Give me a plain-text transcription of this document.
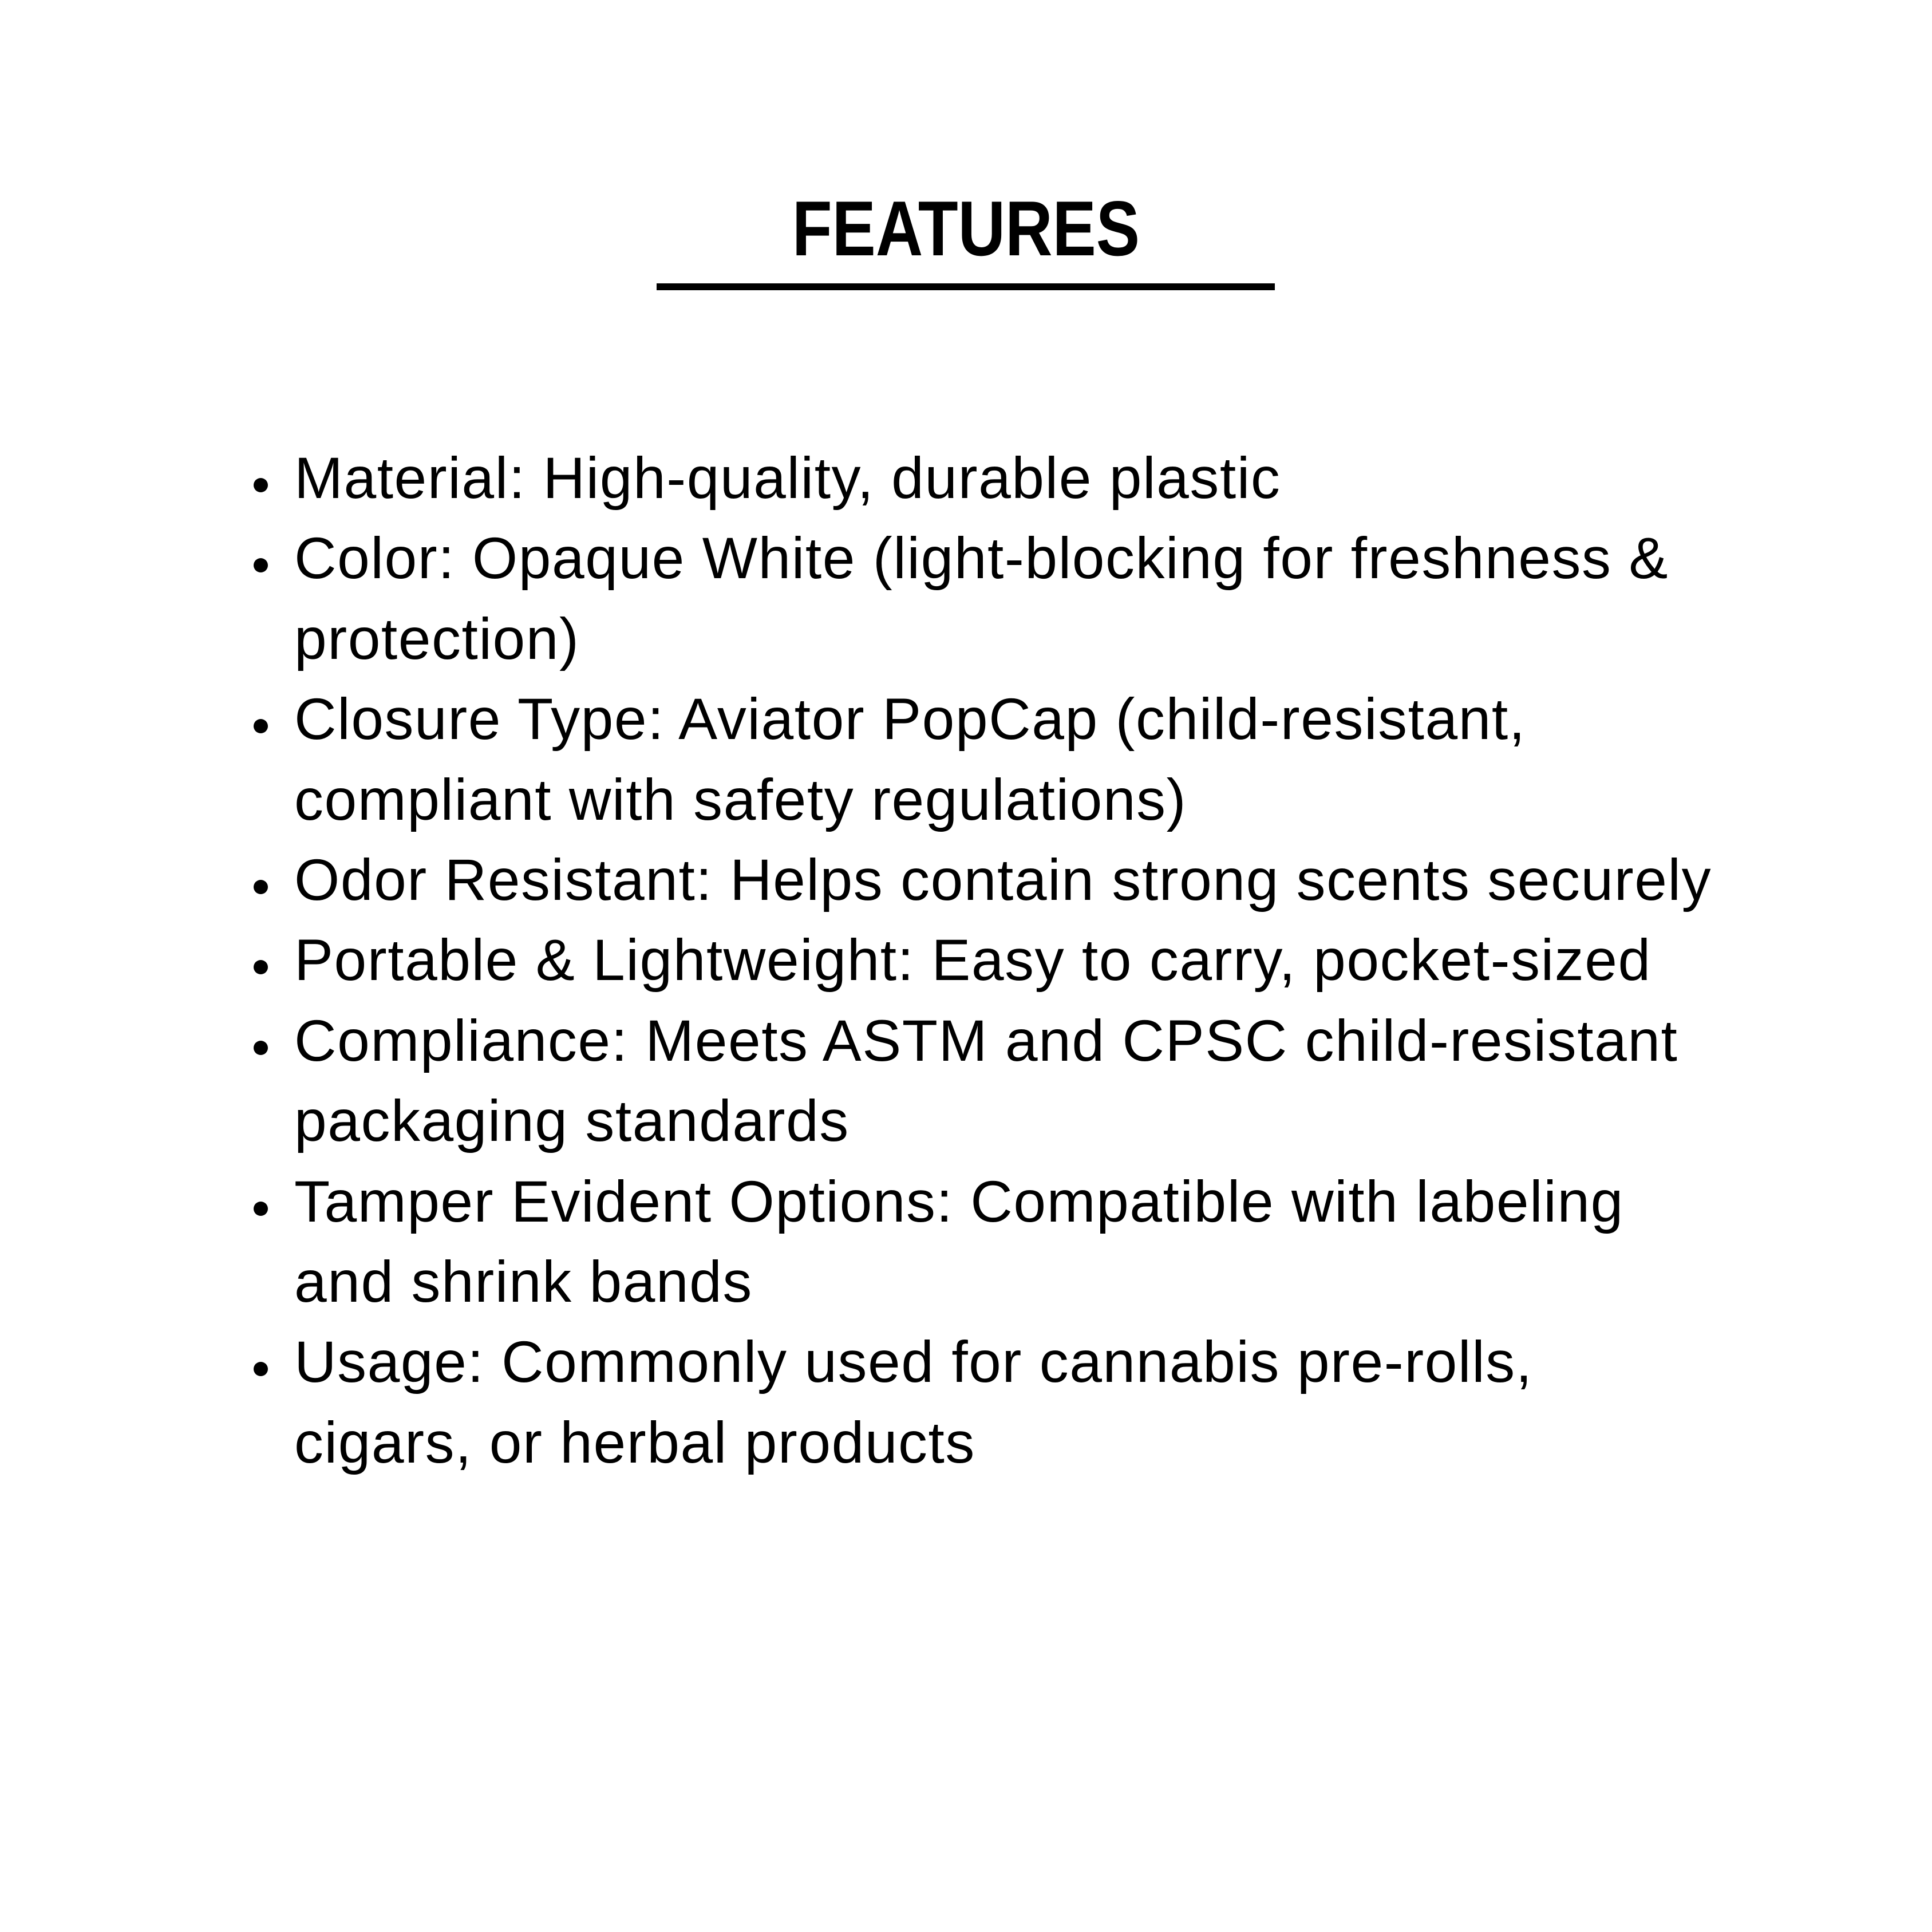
FEATURES
Material: High-quality, durable plastic
Color: Opaque White (light-blocking for freshness &
protection)
Closure Type: Aviator PopCap (child-resistant,
compliant with safety regulations)
Odor Resistant: Helps contain strong scents securely
Portable & Lightweight: Easy to carry, pocket-sized
Compliance: Meets ASTM and CPSC child-resistant
packaging standards
Tamper Evident Options: Compatible with labeling
and shrink bands
Usage: Commonly used for cannabis pre-rolls,
cigars, or herbal products
